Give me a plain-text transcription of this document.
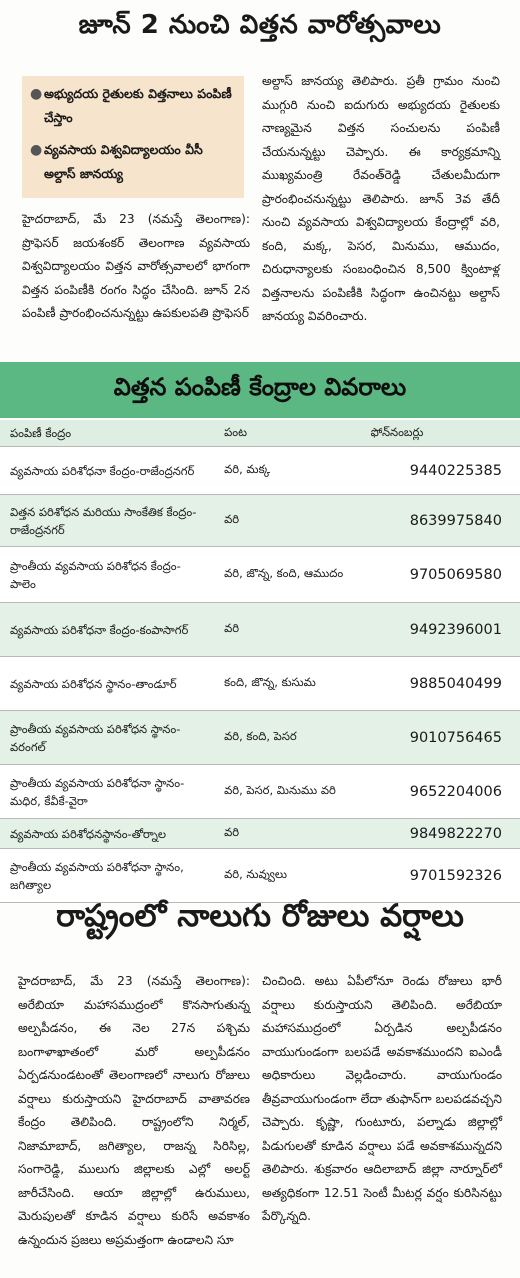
జూన్ 2 నుంచి విత్తన వారోత్సవాలు
● అభ్యుదయ రైతులకు విత్తనాలు పంపిణీ చేస్తాం
● వ్యవసాయ విశ్వవిద్యాలయం వీసీ అల్దాస్ జానయ్య
హైదరాబాద్, మే 23 (నమస్తే తెలంగాణ): ప్రొఫెసర్ జయశంకర్ తెలంగాణ వ్యవసాయ విశ్వవిద్యాలయం విత్తన వారోత్సవాలలో భాగంగా విత్తన పంపిణీకి రంగం సిద్ధం చేసింది. జూన్ 2న పంపిణీ ప్రారంభించనున్నట్టు ఉపకులపతి ప్రొఫెసర్
అల్దాస్ జానయ్య తెలిపారు. ప్రతీ గ్రామం నుంచి ముగ్గురి నుంచి ఐదుగురు అభ్యుదయ రైతులకు నాణ్యమైన విత్తన సంచులను పంపిణీ చేయనున్నట్టు చెప్పారు. ఈ కార్యక్రమాన్ని ముఖ్యమంత్రి రేవంత్‌రెడ్డి చేతులమీదుగా ప్రారంభించనున్నట్టు తెలిపారు. జూన్ 3వ తేదీ నుంచి వ్యవసాయ విశ్వవిద్యాలయ కేంద్రాల్లో వరి, కంది, మక్క, పెసర, మినుము, ఆముదం, చిరుధాన్యాలకు సంబంధించిన 8,500 క్వింటాళ్ల విత్తనాలను పంపిణీకి సిద్ధంగా ఉంచినట్టు అల్దాస్ జానయ్య వివరించారు.
విత్తన పంపిణీ కేంద్రాల వివరాలు
పంపిణీ కేంద్రం	పంట	ఫోన్‌నంబర్లు
వ్యవసాయ పరిశోధనా కేంద్రం-రాజేంద్రనగర్	వరి, మక్క	9440225385
విత్తన పరిశోధన మరియు సాంకేతిక కేంద్రం-రాజేంద్రనగర్	వరి	8639975840
ప్రాంతీయ వ్యవసాయ పరిశోధన కేంద్రం-పాలెం	వరి, జొన్న, కంది, ఆముదం	9705069580
వ్యవసాయ పరిశోధనా కేంద్రం-కంపాసాగర్	వరి	9492396001
వ్యవసాయ పరిశోధన స్థానం-తాండూర్	కంది, జొన్న, కుసుమ	9885040499
ప్రాంతీయ వ్యవసాయ పరిశోధన స్థానం-వరంగల్	వరి, కంది, పెసర	9010756465
ప్రాంతీయ వ్యవసాయ పరిశోధనా స్థానం-మధిర, కేవీకే-వైరా	వరి, పెసర, మినుము వరి	9652204006
వ్యవసాయ పరిశోధనస్థానం-తోర్నాల	వరి	9849822270
ప్రాంతీయ వ్యవసాయ పరిశోధనా స్థానం, జగిత్యాల	వరి, నువ్వులు	9701592326
రాష్ట్రంలో నాలుగు రోజులు వర్షాలు
హైదరాబాద్, మే 23 (నమస్తే తెలంగాణ): అరేబియా మహాసముద్రంలో కొనసాగుతున్న అల్పపీడనం, ఈ నెల 27న పశ్చిమ బంగాళాఖాతంలో మరో అల్పపీడనం ఏర్పడనుండటంతో తెలంగాణలో నాలుగు రోజులు వర్షాలు కురుస్తాయని హైదరాబాద్ వాతావరణ కేంద్రం తెలిపింది. రాష్ట్రంలోని నిర్మల్, నిజామాబాద్, జగిత్యాల, రాజన్న సిరిసిల్ల, సంగారెడ్డి, ములుగు జిల్లాలకు ఎల్లో అలర్ట్ జారీచేసింది. ఆయా జిల్లాల్లో ఉరుములు, మెరుపులతో కూడిన వర్షాలు కురిసే అవకాశం ఉన్నందున ప్రజలు అప్రమత్తంగా ఉండాలని సూ
చించింది. అటు ఏపీలోనూ రెండు రోజులు భారీ వర్షాలు కురుస్తాయని తెలిపింది. అరేబియా మహాసముద్రంలో ఏర్పడిన అల్పపీడనం వాయుగుండంగా బలపడే అవకాశముందని ఐఎండీ అధికారులు వెల్లడించారు. వాయుగుండం తీవ్రవాయుగుండంగా లేదా తుఫాన్‌గా బలపడవచ్చని చెప్పారు. కృష్ణా, గుంటూరు, పల్నాడు జిల్లాల్లో పిడుగులతో కూడిన వర్షాలు పడే అవకాశమున్నదని తెలిపారు. శుక్రవారం ఆదిలాబాద్ జిల్లా నార్నూర్‌లో అత్యధికంగా 12.51 సెంటీ మీటర్ల వర్షం కురిసినట్టు పేర్కొన్నది.
